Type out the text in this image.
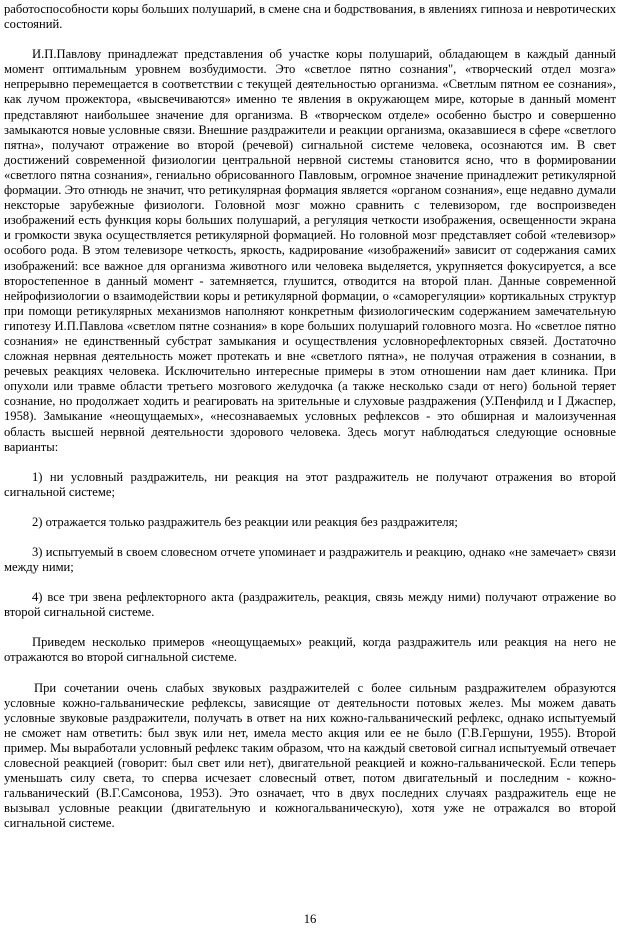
работоспособности коры больших полушарий, в смене сна и бодрствования, в явлениях гипноза и невротических состояний.

И.П.Павлову принадлежат представления об участке коры полушарий, обладающем в каждый данный момент оптимальным уровнем возбудимости. Это «светлое пятно сознания", «творческий отдел мозга» непрерывно перемещается в соответствии с текущей деятельностью организма. «Светлым пятном ее сознания», как лучом прожектора, «высвечиваются» именно те явления в окружающем мире, которые в данный момент представляют наибольшее значение для организма. В «творческом отделе» особенно быстро и совершенно замыкаются новые условные связи. Внешние раздражители и реакции организма, оказавшиеся в сфере «светлого пятна», получают отражение во второй (речевой) сигнальной системе человека, осознаются им. В свет достижений современной физиологии центральной нервной системы становится ясно, что в формировании «светлого пятна сознания», гениально обрисованного Павловым, огромное значение принадлежит ретикулярной формации. Это отнюдь не значит, что ретикулярная формация является «органом сознания», еще недавно думали нексторые зарубежные физиологи. Головной мозг можно сравнить с телевизором, где воспроизведен изображений есть функция коры больших полушарий, а регуляция четкости изображения, освещенности экрана и громкости звука осуществляется ретикулярной формацией. Но головной мозг представляет собой «телевизор» особого рода. В этом телевизоре четкость, яркость, кадрирование «изображений» зависит от содержания самих изображений: все важное для организма животного или человека выделяется, укрупняется фокусируется, а все второстепенное в данный момент - затемняется, глушится, отводится на второй план. Данные современной нейрофизиологии о взаимодействии коры и ретикулярной формации, о «саморегуляции» кортикальных структур при помощи ретикулярных механизмов наполняют конкретным физиологическим содержанием замечательную гипотезу И.П.Павлова «светлом пятне сознания» в коре больших полушарий головного мозга. Но «светлое пятно сознания» не единственный субстрат замыкания и осуществления условнорефлекторных связей. Достаточно сложная нервная деятельность может протекать и вне «светлого пятна», не получая отражения в сознании, в речевых реакциях человека. Исключительно интересные примеры в этом отношении нам дает клиника. При опухоли или травме области третьего мозгового желудочка (а также несколько сзади от него) больной теряет сознание, но продолжает ходить и реагировать на зрительные и слуховые раздражения (У.Пенфилд и I Джаспер, 1958). Замыкание «неощущаемых», «несознаваемых условных рефлексов - это обширная и малоизученная область высшей нервной деятельности здорового человека. Здесь могут наблюдаться следующие основные варианты:

1) ни условный раздражитель, ни реакция на этот раздражитель не получают отражения во второй сигнальной системе;

2) отражается только раздражитель без реакции или реакция без раздражителя;

3) испытуемый в своем словесном отчете упоминает и раздражитель и реакцию, однако «не замечает» связи между ними;

4) все три звена рефлекторного акта (раздражитель, реакция, связь между ними) получают отражение во второй сигнальной системе.

Приведем несколько примеров «неощущаемых» реакций, когда раздражитель или реакция на него не отражаются во второй сигнальной системе.

При сочетании очень слабых звуковых раздражителей с более сильным раздражителем образуются условные кожно-гальванические рефлексы, зависящие от деятельности потовых желез. Мы можем давать условные звуковые раздражители, получать в ответ на них кожно-гальванический рефлекс, однако испытуемый не сможет нам ответить: был звук или нет, имела место акция или ее не было (Г.В.Гершуни, 1955). Второй пример. Мы выработали условный рефлекс таким образом, что на каждый световой сигнал испытуемый отвечает словесной реакцией (говорит: был свет или нет), двигательной реакцией и кожно-гальванической. Если теперь уменьшать силу света, то сперва исчезает словесный ответ, потом двигательный и последним - кожно-гальванический (В.Г.Самсонова, 1953). Это означает, что в двух последних случаях раздражитель еще не вызывал условные реакции (двигательную и кожногальваническую), хотя уже не отражался во второй сигнальной системе.

16
